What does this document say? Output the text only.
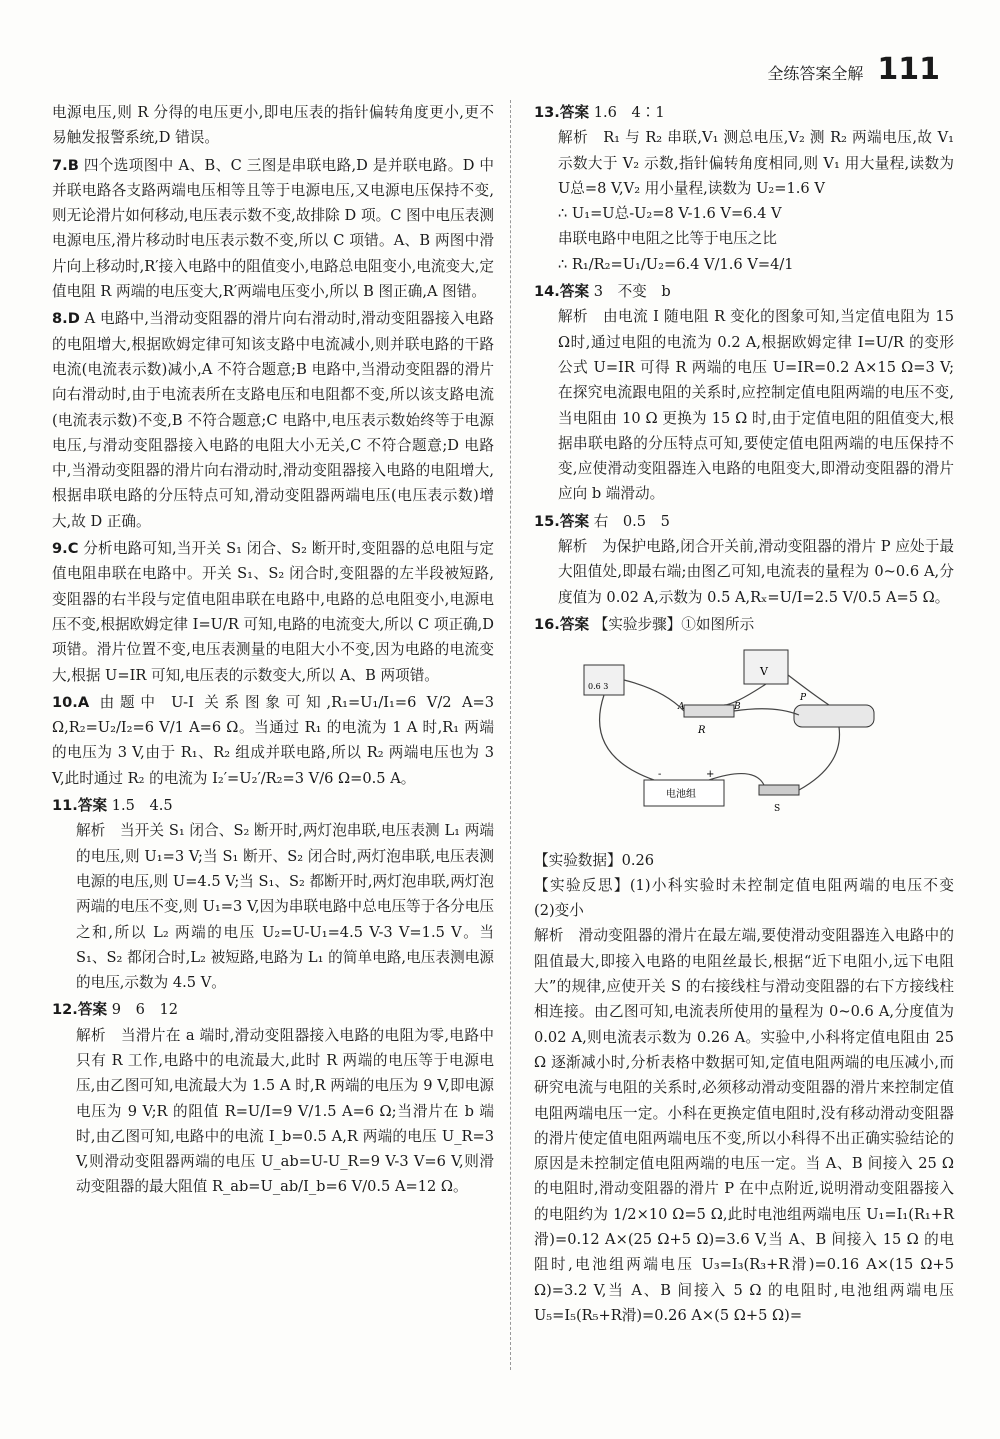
全练答案全解 111

电源电压,则 R 分得的电压更小,即电压表的指针偏转角度更小,更不易触发报警系统,D 错误。

7.B 四个选项图中 A、B、C 三图是串联电路,D 是并联电路。D 中并联电路各支路两端电压相等且等于电源电压,又电源电压保持不变,则无论滑片如何移动,电压表示数不变,故排除 D 项。C 图中电压表测电源电压,滑片移动时电压表示数不变,所以 C 项错。A、B 两图中滑片向上移动时,R′接入电路中的阻值变小,电路总电阻变小,电流变大,定值电阻 R 两端的电压变大,R′两端电压变小,所以 B 图正确,A 图错。
8.D A 电路中,当滑动变阻器的滑片向右滑动时,滑动变阻器接入电路的电阻增大,根据欧姆定律可知该支路中电流减小,则并联电路的干路电流(电流表示数)减小,A 不符合题意;B 电路中,当滑动变阻器的滑片向右滑动时,由于电流表所在支路电压和电阻都不变,所以该支路电流(电流表示数)不变,B 不符合题意;C 电路中,电压表示数始终等于电源电压,与滑动变阻器接入电路的电阻大小无关,C 不符合题意;D 电路中,当滑动变阻器的滑片向右滑动时,滑动变阻器接入电路的电阻增大,根据串联电路的分压特点可知,滑动变阻器两端电压(电压表示数)增大,故 D 正确。
9.C 分析电路可知,当开关 S₁ 闭合、S₂ 断开时,变阻器的总电阻与定值电阻串联在电路中。开关 S₁、S₂ 闭合时,变阻器的左半段被短路,变阻器的右半段与定值电阻串联在电路中,电路的总电阻变小,电源电压不变,根据欧姆定律 I=U/R 可知,电路的电流变大,所以 C 项正确,D 项错。滑片位置不变,电压表测量的电阻大小不变,因为电路的电流变大,根据 U=IR 可知,电压表的示数变大,所以 A、B 两项错。
10.A 由题中 U-I 关系图象可知,R₁=U₁/I₁=6 V/2 A=3 Ω,R₂=U₂/I₂=6 V/1 A=6 Ω。当通过 R₁ 的电流为 1 A 时,R₁ 两端的电压为 3 V,由于 R₁、R₂ 组成并联电路,所以 R₂ 两端电压也为 3 V,此时通过 R₂ 的电流为 I₂′=U₂′/R₂=3 V/6 Ω=0.5 A。
11.答案 1.5　4.5

解析　当开关 S₁ 闭合、S₂ 断开时,两灯泡串联,电压表测 L₁ 两端的电压,则 U₁=3 V;当 S₁ 断开、S₂ 闭合时,两灯泡串联,电压表测电源的电压,则 U=4.5 V;当 S₁、S₂ 都断开时,两灯泡串联,两灯泡两端的电压不变,则 U₁=3 V,因为串联电路中总电压等于各分电压之和,所以 L₂ 两端的电压 U₂=U-U₁=4.5 V-3 V=1.5 V。当 S₁、S₂ 都闭合时,L₂ 被短路,电路为 L₁ 的简单电路,电压表测电源的电压,示数为 4.5 V。

12.答案 9　6　12

解析　当滑片在 a 端时,滑动变阻器接入电路的电阻为零,电路中只有 R 工作,电路中的电流最大,此时 R 两端的电压等于电源电压,由乙图可知,电流最大为 1.5 A 时,R 两端的电压为 9 V,即电源电压为 9 V;R 的阻值 R=U/I=9 V/1.5 A=6 Ω;当滑片在 b 端时,由乙图可知,电路中的电流 I_b=0.5 A,R 两端的电压 U_R=3 V,则滑动变阻器两端的电压 U_ab=U-U_R=9 V-3 V=6 V,则滑动变阻器的最大阻值 R_ab=U_ab/I_b=6 V/0.5 A=12 Ω。

13.答案 1.6　4∶1

解析　R₁ 与 R₂ 串联,V₁ 测总电压,V₂ 测 R₂ 两端电压,故 V₁ 示数大于 V₂ 示数,指针偏转角度相同,则 V₁ 用大量程,读数为 U总=8 V,V₂ 用小量程,读数为 U₂=1.6 V

∴ U₁=U总-U₂=8 V-1.6 V=6.4 V

串联电路中电阻之比等于电压之比

∴ R₁/R₂=U₁/U₂=6.4 V/1.6 V=4/1

14.答案 3　不变　b

解析　由电流 I 随电阻 R 变化的图象可知,当定值电阻为 15 Ω时,通过电阻的电流为 0.2 A,根据欧姆定律 I=U/R 的变形公式 U=IR 可得 R 两端的电压 U=IR=0.2 A×15 Ω=3 V;在探究电流跟电阻的关系时,应控制定值电阻两端的电压不变,当电阻由 10 Ω 更换为 15 Ω 时,由于定值电阻的阻值变大,根据串联电路的分压特点可知,要使定值电阻两端的电压保持不变,应使滑动变阻器连入电路的电阻变大,即滑动变阻器的滑片应向 b 端滑动。

15.答案 右　0.5　5

解析　为保护电路,闭合开关前,滑动变阻器的滑片 P 应处于最大阻值处,即最右端;由图乙可知,电流表的量程为 0~0.6 A,分度值为 0.02 A,示数为 0.5 A,Rₓ=U/I=2.5 V/0.5 A=5 Ω。

16.答案 【实验步骤】①如图所示
0.6 3
V
R
A	B
P
电池组
-	+
S

【实验数据】0.26

【实验反思】(1)小科实验时未控制定值电阻两端的电压不变　(2)变小

解析　滑动变阻器的滑片在最左端,要使滑动变阻器连入电路中的阻值最大,即接入电路的电阻丝最长,根据“近下电阻小,远下电阻大”的规律,应使开关 S 的右接线柱与滑动变阻器的右下方接线柱相连接。由乙图可知,电流表所使用的量程为 0~0.6 A,分度值为 0.02 A,则电流表示数为 0.26 A。实验中,小科将定值电阻由 25 Ω 逐渐减小时,分析表格中数据可知,定值电阻两端的电压减小,而研究电流与电阻的关系时,必须移动滑动变阻器的滑片来控制定值电阻两端电压一定。小科在更换定值电阻时,没有移动滑动变阻器的滑片使定值电阻两端电压不变,所以小科得不出正确实验结论的原因是未控制定值电阻两端的电压一定。当 A、B 间接入 25 Ω 的电阻时,滑动变阻器的滑片 P 在中点附近,说明滑动变阻器接入的电阻约为 1/2×10 Ω=5 Ω,此时电池组两端电压 U₁=I₁(R₁+R滑)=0.12 A×(25 Ω+5 Ω)=3.6 V,当 A、B 间接入 15 Ω 的电阻时,电池组两端电压 U₃=I₃(R₃+R滑)=0.16 A×(15 Ω+5 Ω)=3.2 V,当 A、B 间接入 5 Ω 的电阻时,电池组两端电压 U₅=I₅(R₅+R滑)=0.26 A×(5 Ω+5 Ω)=
